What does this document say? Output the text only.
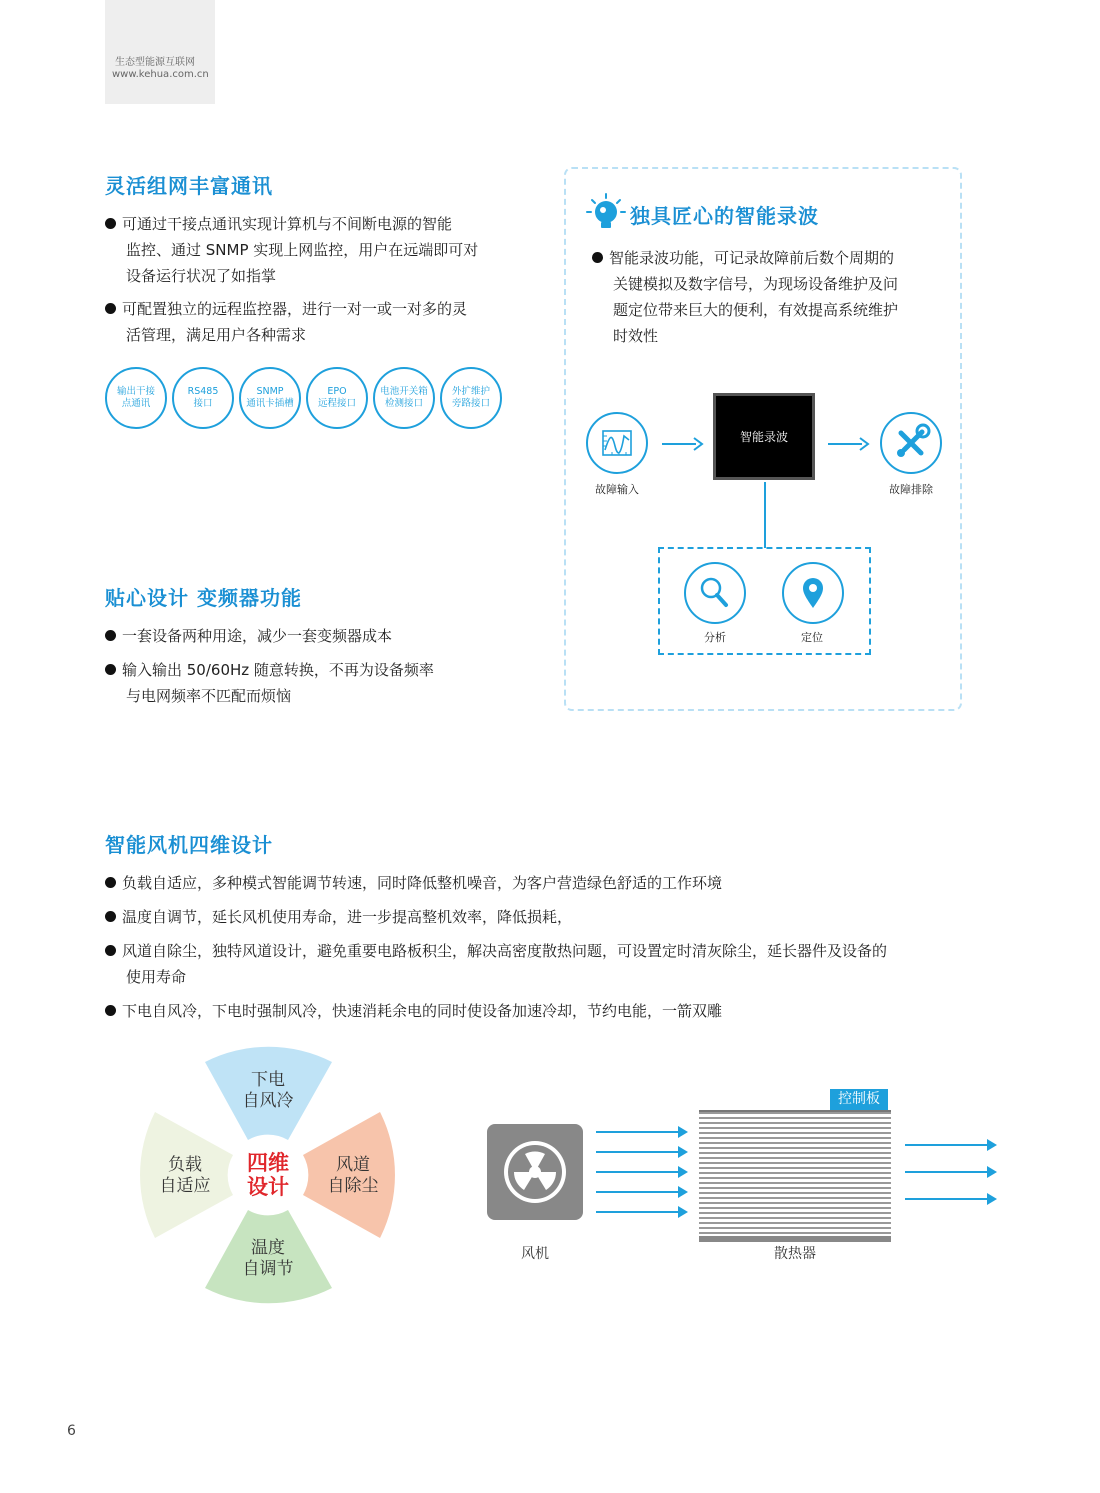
生态型能源互联网
www.kehua.com.cn
灵活组网丰富通讯
可通过干接点通讯实现计算机与不间断电源的智能
监控、通过 SNMP 实现上网监控，用户在远端即可对
设备运行状况了如指掌
可配置独立的远程监控器，进行一对一或一对多的灵
活管理，满足用户各种需求
输出干接
点通讯
RS485
接口
SNMP
通讯卡插槽
EPO
远程接口
电池开关箱
检测接口
外扩维护
旁路接口
贴心设计 变频器功能
一套设备两种用途，减少一套变频器成本
输入输出 50/60Hz 随意转换，不再为设备频率
与电网频率不匹配而烦恼
独具匠心的智能录波
智能录波功能，可记录故障前后数个周期的
关键模拟及数字信号，为现场设备维护及问
题定位带来巨大的便利，有效提高系统维护
时效性
故障输入
智能录波
故障排除
分析	定位
智能风机四维设计
负载自适应，多种模式智能调节转速，同时降低整机噪音，为客户营造绿色舒适的工作环境
温度自调节，延长风机使用寿命，进一步提高整机效率，降低损耗，
风道自除尘，独特风道设计，避免重要电路板积尘，解决高密度散热问题，可设置定时清灰除尘，延长器件及设备的
使用寿命
下电自风冷，下电时强制风冷，快速消耗余电的同时使设备加速冷却，节约电能，一箭双雕
下电
自风冷
负载
自适应
风道
自除尘
温度
自调节
四维
设计
风机
控制板
散热器
6
